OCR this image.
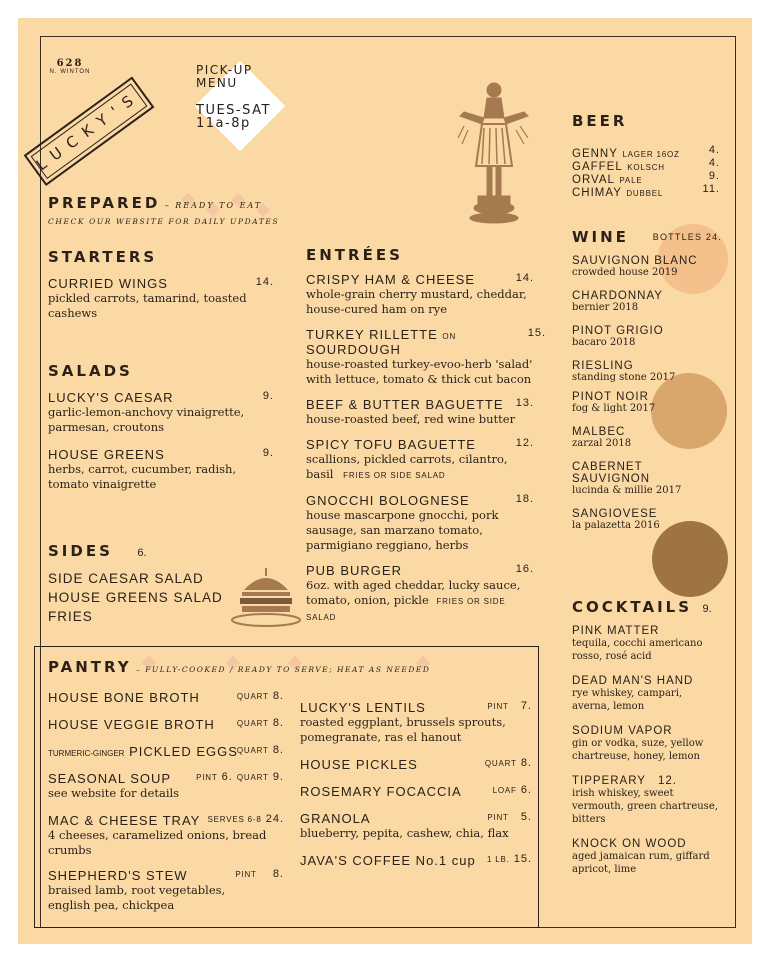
628
N. WINTON
LUCKY'S
PICK-UP
MENU
TUES-SAT
11a-8p
PREPARED – READY TO EAT
CHECK OUR WEBSITE FOR DAILY UPDATES
STARTERS
CURRIED WINGS	14.
pickled carrots, tamarind, toasted cashews
SALADS
LUCKY'S CAESAR	9.
garlic-lemon-anchovy vinaigrette, parmesan, croutons
HOUSE GREENS	9.
herbs, carrot, cucumber, radish, tomato vinaigrette
SIDES 6.
SIDE CAESAR SALAD
HOUSE GREENS SALAD
FRIES
ENTRÉES
CRISPY HAM & CHEESE	14.
whole-grain cherry mustard, cheddar, house-cured ham on rye
TURKEY RILLETTE ON SOURDOUGH
15.
house-roasted turkey-evoo-herb 'salad' with lettuce, tomato & thick cut bacon
BEEF & BUTTER BAGUETTE	13.
house-roasted beef, red wine butter
SPICY TOFU BAGUETTE	12.
scallions, pickled carrots, cilantro, basil FRIES OR SIDE SALAD
GNOCCHI BOLOGNESE	18.
house mascarpone gnocchi, pork sausage, san marzano tomato, parmigiano reggiano, herbs
PUB BURGER	16.
6oz. with aged cheddar, lucky sauce, tomato, onion, pickle FRIES OR SIDE SALAD
BEER
GENNY LAGER 16OZ	4.
GAFFEL KOLSCH	4.
ORVAL PALE	9.
CHIMAY DUBBEL	11.
WINE	BOTTLES 24.
SAUVIGNON BLANC
crowded house 2019
CHARDONNAY
bernier 2018
PINOT GRIGIO
bacaro 2018
RIESLING
standing stone 2017
PINOT NOIR
fog & light 2017
MALBEC
zarzal 2018
CABERNET SAUVIGNON
lucinda & millie 2017
SANGIOVESE
la palazetta 2016
COCKTAILS 9.
PINK MATTER
tequila, cocchi americano rosso, rosé acid
DEAD MAN'S HAND
rye whiskey, campari, averna, lemon
SODIUM VAPOR
gin or vodka, suze, yellow chartreuse, honey, lemon
TIPPERARY 12.
irish whiskey, sweet vermouth, green chartreuse, bitters
KNOCK ON WOOD
aged jamaican rum, giffard apricot, lime
PANTRY – FULLY-COOKED / READY TO SERVE; HEAT AS NEEDED
HOUSE BONE BROTH	QUART 8.
HOUSE VEGGIE BROTH	QUART 8.
TURMERIC-GINGER PICKLED EGGS QUART 8.
SEASONAL SOUP	PINT 6. QUART 9.
see website for details
MAC & CHEESE TRAY SERVES 6-8 24.
4 cheeses, caramelized onions, bread crumbs
SHEPHERD'S STEW	PINT 8.
braised lamb, root vegetables, english pea, chickpea
LUCKY'S LENTILS	PINT 7.
roasted eggplant, brussels sprouts, pomegranate, ras el hanout
HOUSE PICKLES	QUART 8.
ROSEMARY FOCACCIA	LOAF 6.
GRANOLA	PINT 5.
blueberry, pepita, cashew, chia, flax
JAVA'S COFFEE No.1 cup	1 LB. 15.
